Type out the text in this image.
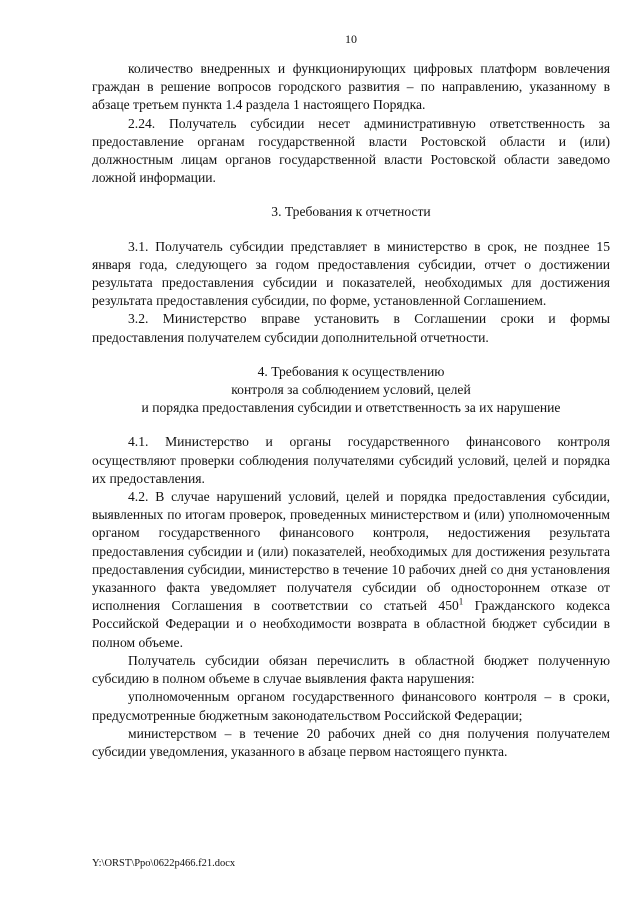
10

количество внедренных и функционирующих цифровых платформ вовлечения граждан в решение вопросов городского развития – по направлению, указанному в абзаце третьем пункта 1.4 раздела 1 настоящего Порядка.

2.24. Получатель субсидии несет административную ответственность за предоставление органам государственной власти Ростовской области и (или) должностным лицам органов государственной власти Ростовской области заведомо ложной информации.

3. Требования к отчетности

3.1. Получатель субсидии представляет в министерство в срок, не позднее 15 января года, следующего за годом предоставления субсидии, отчет о достижении результата предоставления субсидии и показателей, необходимых для достижения результата предоставления субсидии, по форме, установленной Соглашением.

3.2. Министерство вправе установить в Соглашении сроки и формы предоставления получателем субсидии дополнительной отчетности.

4. Требования к осуществлению

контроля за соблюдением условий, целей

и порядка предоставления субсидии и ответственность за их нарушение

4.1. Министерство и органы государственного финансового контроля осуществляют проверки соблюдения получателями субсидий условий, целей и порядка их предоставления.

4.2. В случае нарушений условий, целей и порядка предоставления субсидии, выявленных по итогам проверок, проведенных министерством и (или) уполномоченным органом государственного финансового контроля, недостижения результата предоставления субсидии и (или) показателей, необходимых для достижения результата предоставления субсидии, министерство в течение 10 рабочих дней со дня установления указанного факта уведомляет получателя субсидии об одностороннем отказе от исполнения Соглашения в соответствии со статьей $450^1$ Гражданского кодекса Российской Федерации и о необходимости возврата в областной бюджет субсидии в полном объеме.

Получатель субсидии обязан перечислить в областной бюджет полученную субсидию в полном объеме в случае выявления факта нарушения:

уполномоченным органом государственного финансового контроля – в сроки, предусмотренные бюджетным законодательством Российской Федерации;

министерством – в течение 20 рабочих дней со дня получения получателем субсидии уведомления, указанного в абзаце первом настоящего пункта.

Y:\ORST\Ppo\0622p466.f21.docx
